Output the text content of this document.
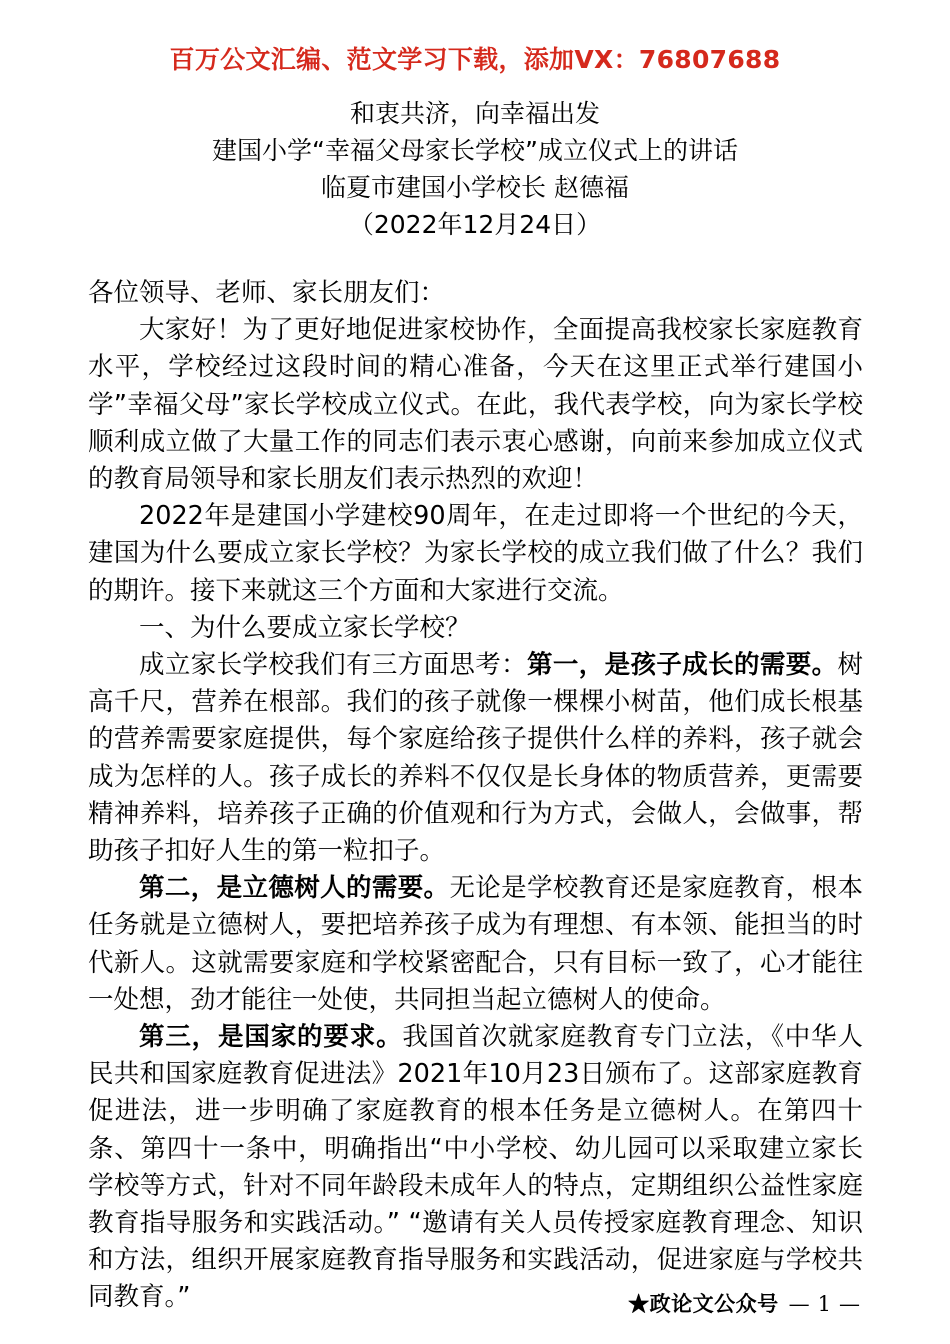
百万公文汇编、范文学习下载，添加VX：76807688
和衷共济，向幸福出发
建国小学“幸福父母家长学校”成立仪式上的讲话
临夏市建国小学校长 赵德福
（2022年12月24日）

各位领导、老师、家长朋友们：

大家好！为了更好地促进家校协作，全面提高我校家长家庭教育水平，学校经过这段时间的精心准备，今天在这里正式举行建国小学”幸福父母”家长学校成立仪式。在此，我代表学校，向为家长学校顺利成立做了大量工作的同志们表示衷心感谢，向前来参加成立仪式的教育局领导和家长朋友们表示热烈的欢迎！

2022年是建国小学建校90周年，在走过即将一个世纪的今天，建国为什么要成立家长学校？为家长学校的成立我们做了什么？我们的期许。接下来就这三个方面和大家进行交流。

一、为什么要成立家长学校？

成立家长学校我们有三方面思考：第一，是孩子成长的需要。树高千尺，营养在根部。我们的孩子就像一棵棵小树苗，他们成长根基的营养需要家庭提供，每个家庭给孩子提供什么样的养料，孩子就会成为怎样的人。孩子成长的养料不仅仅是长身体的物质营养，更需要精神养料，培养孩子正确的价值观和行为方式，会做人，会做事，帮助孩子扣好人生的第一粒扣子。

第二，是立德树人的需要。无论是学校教育还是家庭教育，根本任务就是立德树人，要把培养孩子成为有理想、有本领、能担当的时代新人。这就需要家庭和学校紧密配合，只有目标一致了，心才能往一处想，劲才能往一处使，共同担当起立德树人的使命。

第三，是国家的要求。我国首次就家庭教育专门立法，《中华人民共和国家庭教育促进法》2021年10月23日颁布了。这部家庭教育促进法，进一步明确了家庭教育的根本任务是立德树人。在第四十条、第四十一条中，明确指出“中小学校、幼儿园可以采取建立家长学校等方式，针对不同年龄段未成年人的特点，定期组织公益性家庭教育指导服务和实践活动。” “邀请有关人员传授家庭教育理念、知识和方法，组织开展家庭教育指导服务和实践活动，促进家庭与学校共同教育。”	★政论文公众号 — 1 —
